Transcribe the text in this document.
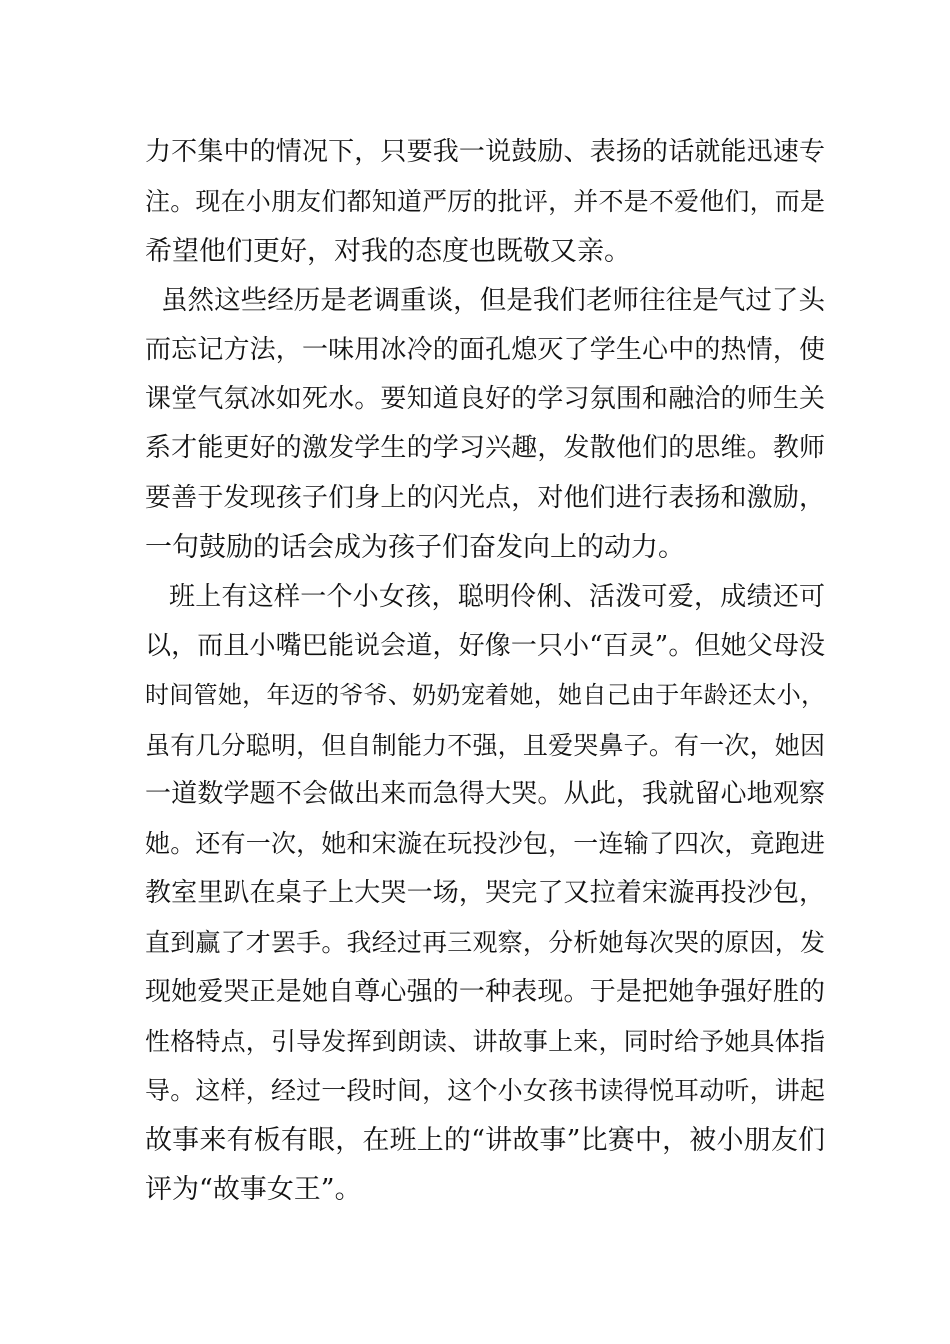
力不集中的情况下，只要我一说鼓励、表扬的话就能迅速专
注。现在小朋友们都知道严厉的批评，并不是不爱他们，而是
希望他们更好，对我的态度也既敬又亲。
虽然这些经历是老调重谈，但是我们老师往往是气过了头
而忘记方法，一味用冰冷的面孔熄灭了学生心中的热情，使
课堂气氛冰如死水。要知道良好的学习氛围和融洽的师生关
系才能更好的激发学生的学习兴趣，发散他们的思维。教师
要善于发现孩子们身上的闪光点，对他们进行表扬和激励，
一句鼓励的话会成为孩子们奋发向上的动力。
班上有这样一个小女孩，聪明伶俐、活泼可爱，成绩还可
以，而且小嘴巴能说会道，好像一只小“百灵”。但她父母没
时间管她，年迈的爷爷、奶奶宠着她，她自己由于年龄还太小，
虽有几分聪明，但自制能力不强，且爱哭鼻子。有一次，她因
一道数学题不会做出来而急得大哭。从此，我就留心地观察
她。还有一次，她和宋漩在玩投沙包，一连输了四次，竟跑进
教室里趴在桌子上大哭一场，哭完了又拉着宋漩再投沙包，
直到赢了才罢手。我经过再三观察，分析她每次哭的原因，发
现她爱哭正是她自尊心强的一种表现。于是把她争强好胜的
性格特点，引导发挥到朗读、讲故事上来，同时给予她具体指
导。这样，经过一段时间，这个小女孩书读得悦耳动听，讲起
故事来有板有眼，在班上的“讲故事”比赛中，被小朋友们
评为“故事女王”。
